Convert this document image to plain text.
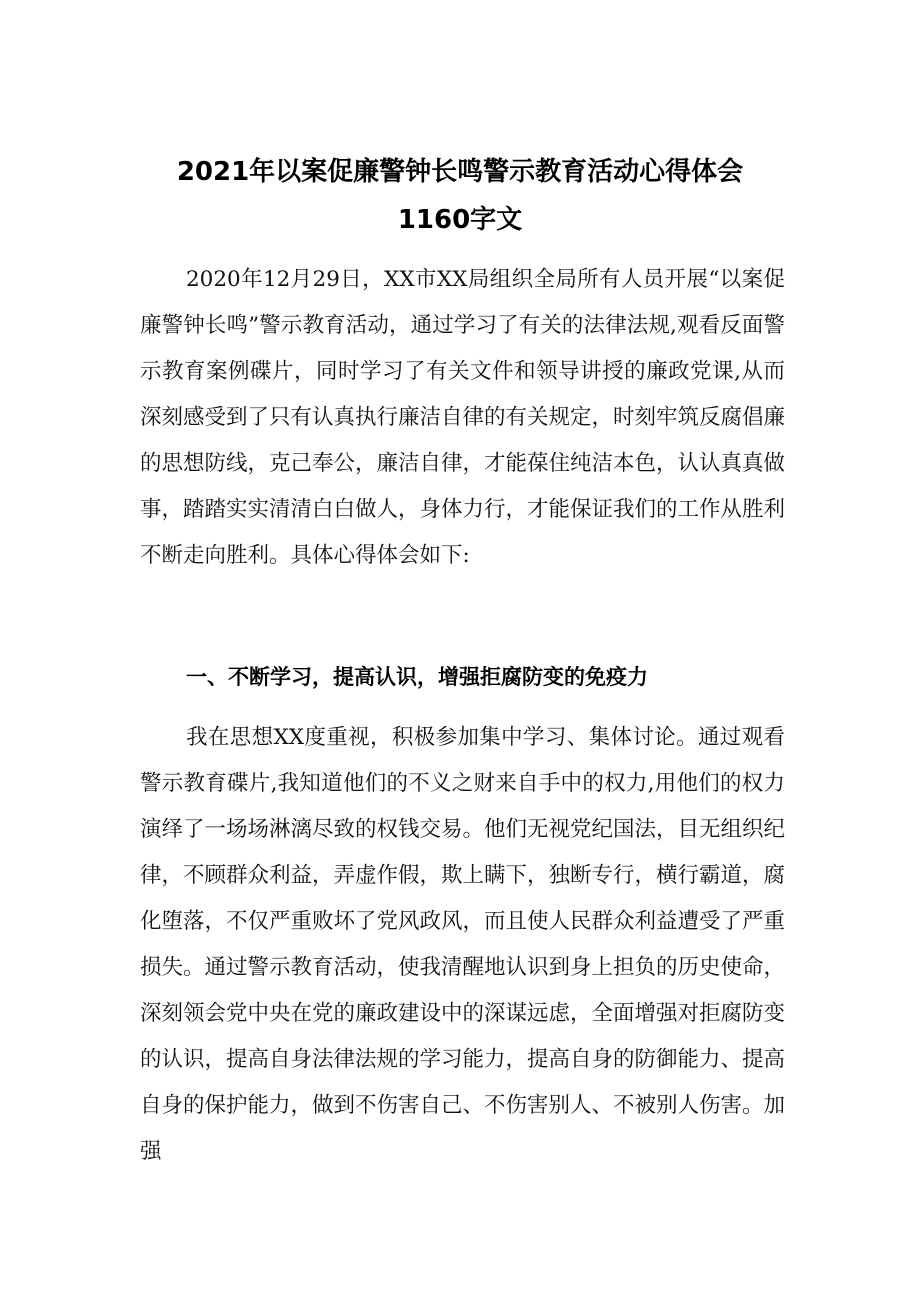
2021年以案促廉警钟长鸣警示教育活动心得体会
1160字文
2020年12月29日，XX市XX局组织全局所有人员开展“以案促廉警钟长鸣”警示教育活动，通过学习了有关的法律法规,观看反面警示教育案例碟片，同时学习了有关文件和领导讲授的廉政党课,从而深刻感受到了只有认真执行廉洁自律的有关规定，时刻牢筑反腐倡廉的思想防线，克己奉公，廉洁自律，才能葆住纯洁本色，认认真真做事，踏踏实实清清白白做人，身体力行，才能保证我们的工作从胜利不断走向胜利。具体心得体会如下:
一、不断学习，提高认识，增强拒腐防变的免疫力
我在思想XX度重视，积极参加集中学习、集体讨论。通过观看警示教育碟片,我知道他们的不义之财来自手中的权力,用他们的权力演绎了一场场淋漓尽致的权钱交易。他们无视党纪国法，目无组织纪律，不顾群众利益，弄虚作假，欺上瞒下，独断专行，横行霸道，腐化堕落，不仅严重败坏了党风政风，而且使人民群众利益遭受了严重损失。通过警示教育活动，使我清醒地认识到身上担负的历史使命，深刻领会党中央在党的廉政建设中的深谋远虑，全面增强对拒腐防变的认识，提高自身法律法规的学习能力，提高自身的防御能力、提高自身的保护能力，做到不伤害自己、不伤害别人、不被别人伤害。加强
